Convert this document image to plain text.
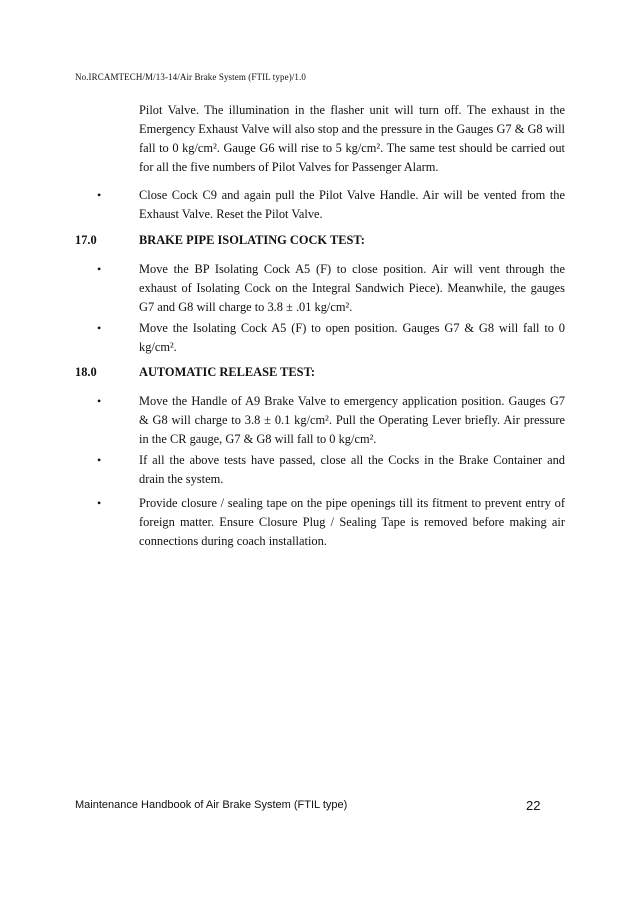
No.IRCAMTECH/M/13-14/Air Brake System (FTIL type)/1.0
Pilot Valve. The illumination in the flasher unit will turn off. The exhaust in the Emergency Exhaust Valve will also stop and the pressure in the Gauges G7 & G8 will fall to 0 kg/cm². Gauge G6 will rise to 5 kg/cm². The same test should be carried out for all the five numbers of Pilot Valves for Passenger Alarm.
•	Close Cock C9 and again pull the Pilot Valve Handle. Air will be vented from the Exhaust Valve. Reset the Pilot Valve.
17.0	BRAKE PIPE ISOLATING COCK TEST:
•	Move the BP Isolating Cock A5 (F) to close position. Air will vent through the exhaust of Isolating Cock on the Integral Sandwich Piece). Meanwhile, the gauges G7 and G8 will charge to 3.8 ± .01 kg/cm².
•	Move the Isolating Cock A5 (F) to open position. Gauges G7 & G8 will fall to 0 kg/cm².
18.0	AUTOMATIC RELEASE TEST:
•	Move the Handle of A9 Brake Valve to emergency application position. Gauges G7 & G8 will charge to 3.8 ± 0.1 kg/cm². Pull the Operating Lever briefly. Air pressure in the CR gauge, G7 & G8 will fall to 0 kg/cm².
•	If all the above tests have passed, close all the Cocks in the Brake Container and drain the system.
•	Provide closure / sealing tape on the pipe openings till its fitment to prevent entry of foreign matter. Ensure Closure Plug / Sealing Tape is removed before making air connections during coach installation.
Maintenance Handbook of Air Brake System (FTIL type)	22
